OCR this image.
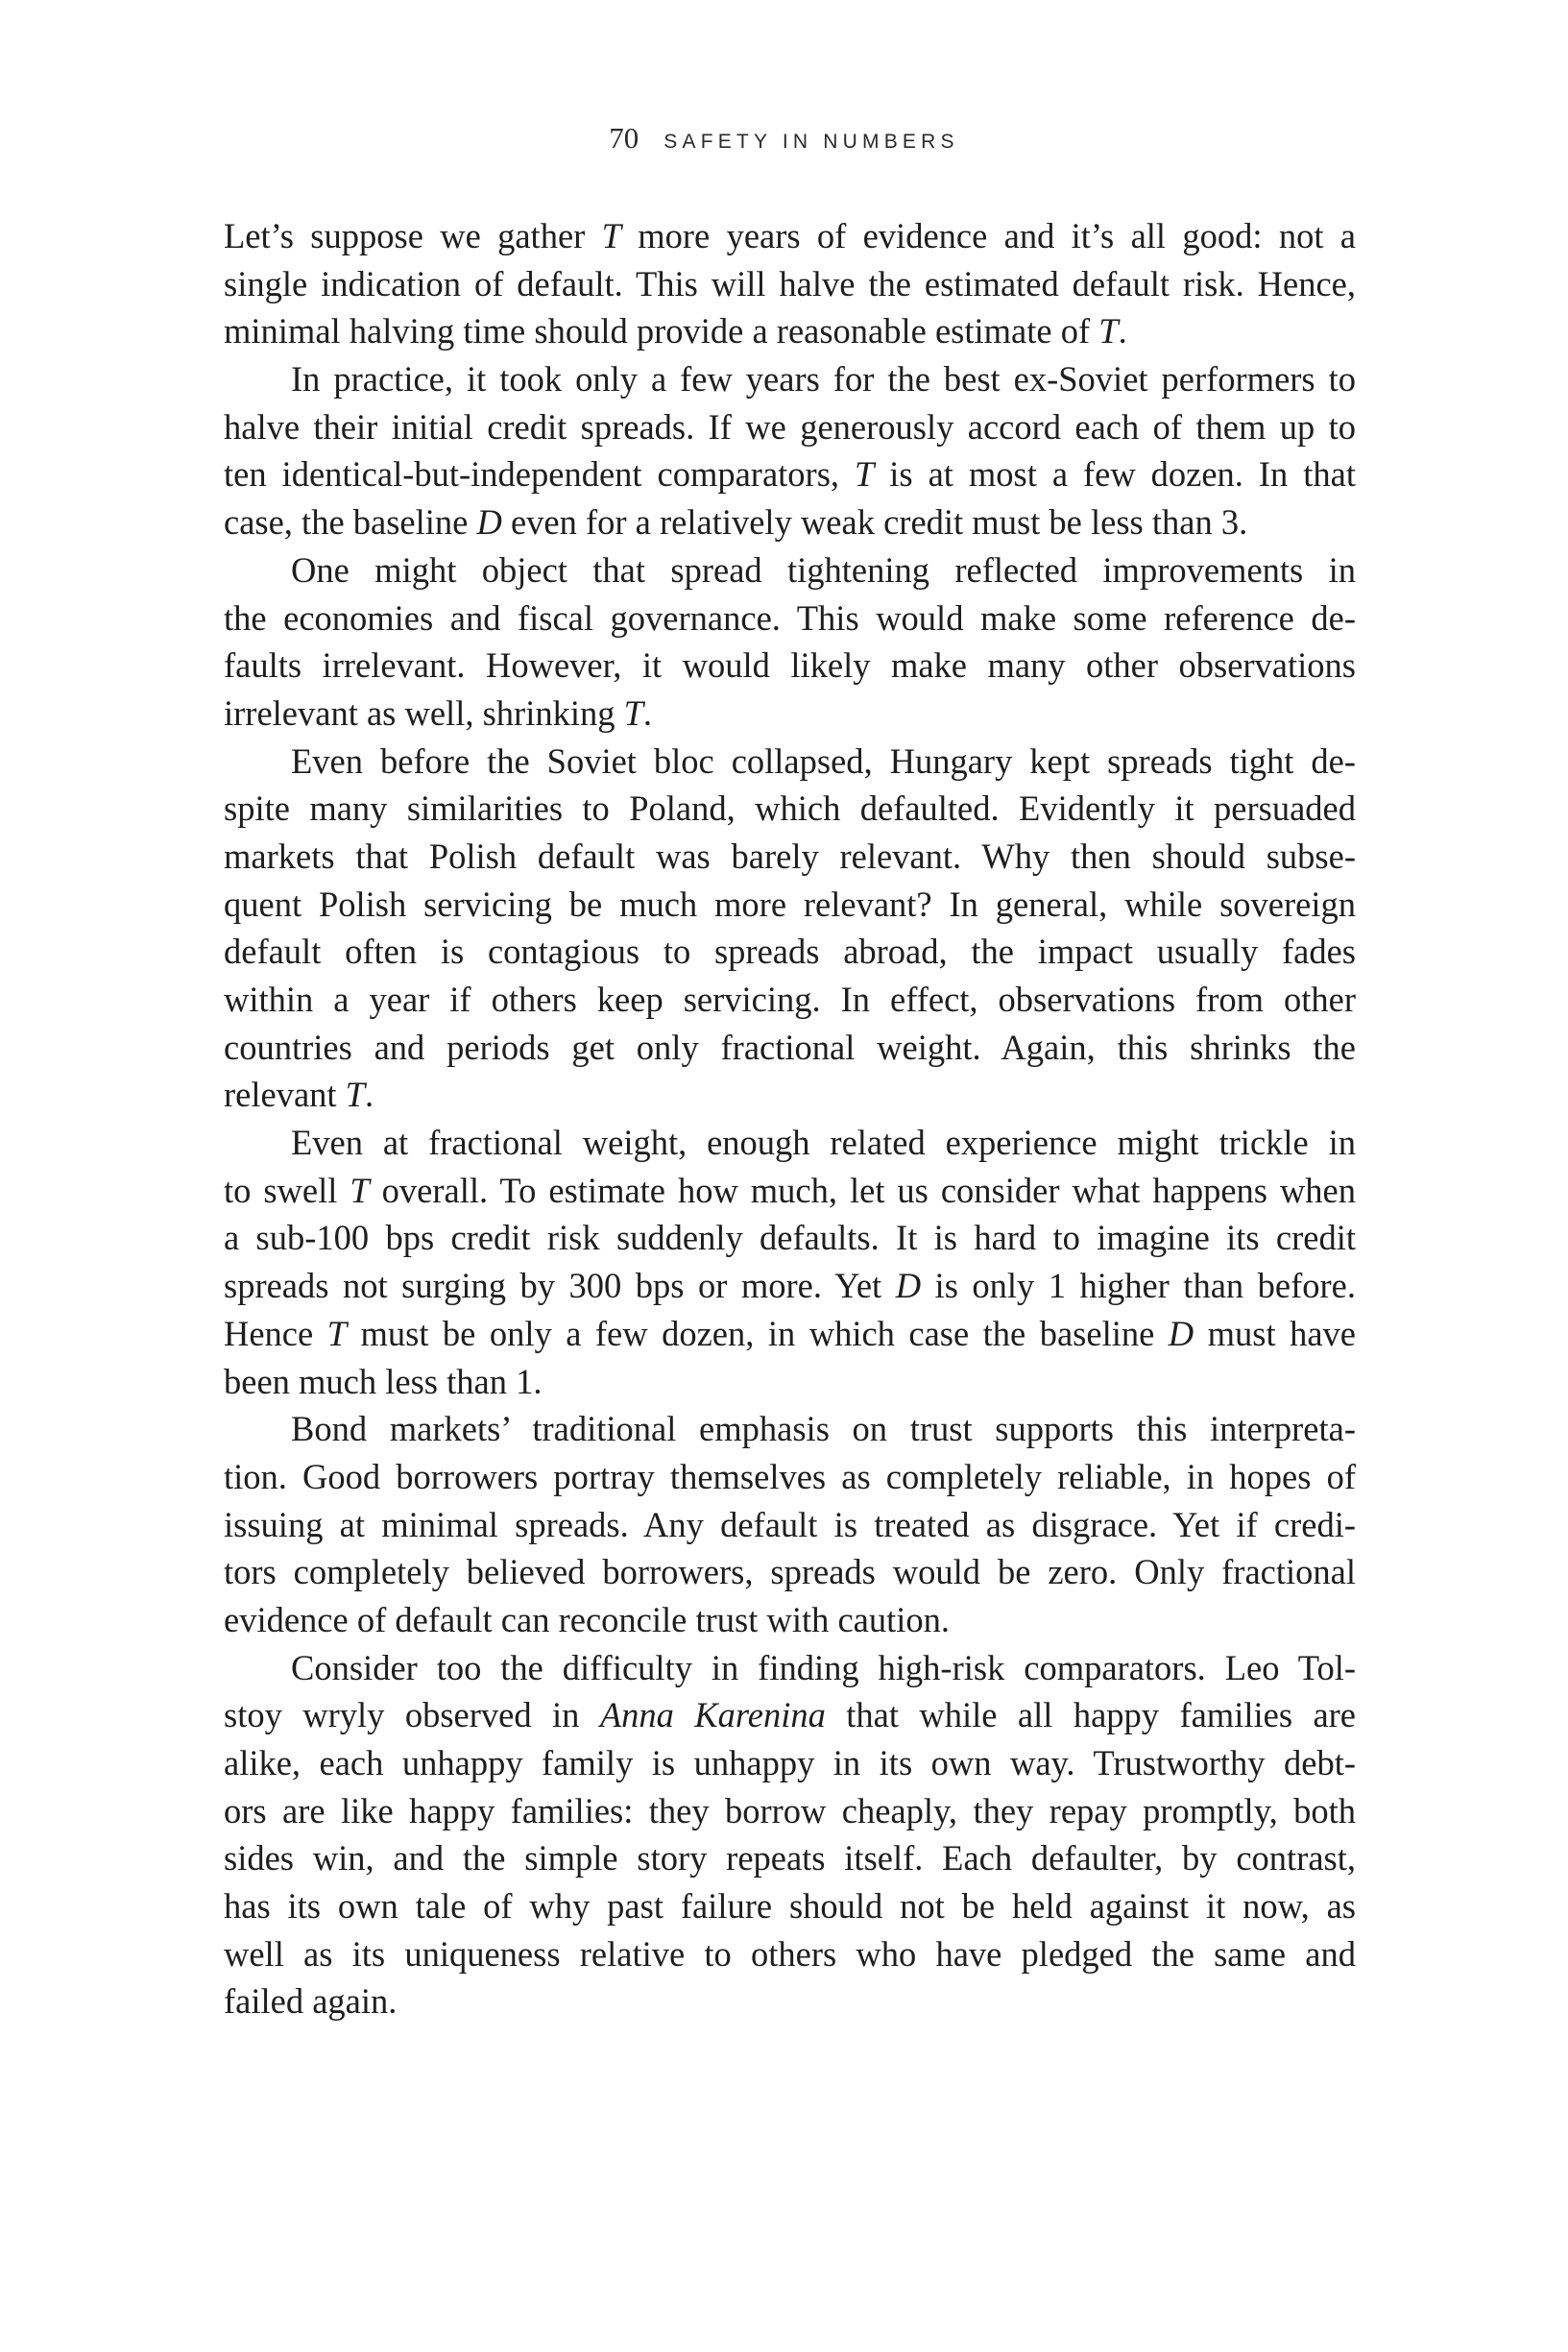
70 SAFETY IN NUMBERS
Let’s suppose we gather T more years of evidence and it’s all good: not a
single indication of default. This will halve the estimated default risk. Hence,
minimal halving time should provide a reasonable estimate of T.
In practice, it took only a few years for the best ex-Soviet performers to
halve their initial credit spreads. If we generously accord each of them up to
ten identical-but-independent comparators, T is at most a few dozen. In that
case, the baseline D even for a relatively weak credit must be less than 3.
One might object that spread tightening reflected improvements in
the economies and fiscal governance. This would make some reference de-
faults irrelevant. However, it would likely make many other observations
irrelevant as well, shrinking T.
Even before the Soviet bloc collapsed, Hungary kept spreads tight de-
spite many similarities to Poland, which defaulted. Evidently it persuaded
markets that Polish default was barely relevant. Why then should subse-
quent Polish servicing be much more relevant? In general, while sovereign
default often is contagious to spreads abroad, the impact usually fades
within a year if others keep servicing. In effect, observations from other
countries and periods get only fractional weight. Again, this shrinks the
relevant T.
Even at fractional weight, enough related experience might trickle in
to swell T overall. To estimate how much, let us consider what happens when
a sub-100 bps credit risk suddenly defaults. It is hard to imagine its credit
spreads not surging by 300 bps or more. Yet D is only 1 higher than before.
Hence T must be only a few dozen, in which case the baseline D must have
been much less than 1.
Bond markets’ traditional emphasis on trust supports this interpreta-
tion. Good borrowers portray themselves as completely reliable, in hopes of
issuing at minimal spreads. Any default is treated as disgrace. Yet if credi-
tors completely believed borrowers, spreads would be zero. Only fractional
evidence of default can reconcile trust with caution.
Consider too the difficulty in finding high-risk comparators. Leo Tol-
stoy wryly observed in Anna Karenina that while all happy families are
alike, each unhappy family is unhappy in its own way. Trustworthy debt-
ors are like happy families: they borrow cheaply, they repay promptly, both
sides win, and the simple story repeats itself. Each defaulter, by contrast,
has its own tale of why past failure should not be held against it now, as
well as its uniqueness relative to others who have pledged the same and
failed again.
